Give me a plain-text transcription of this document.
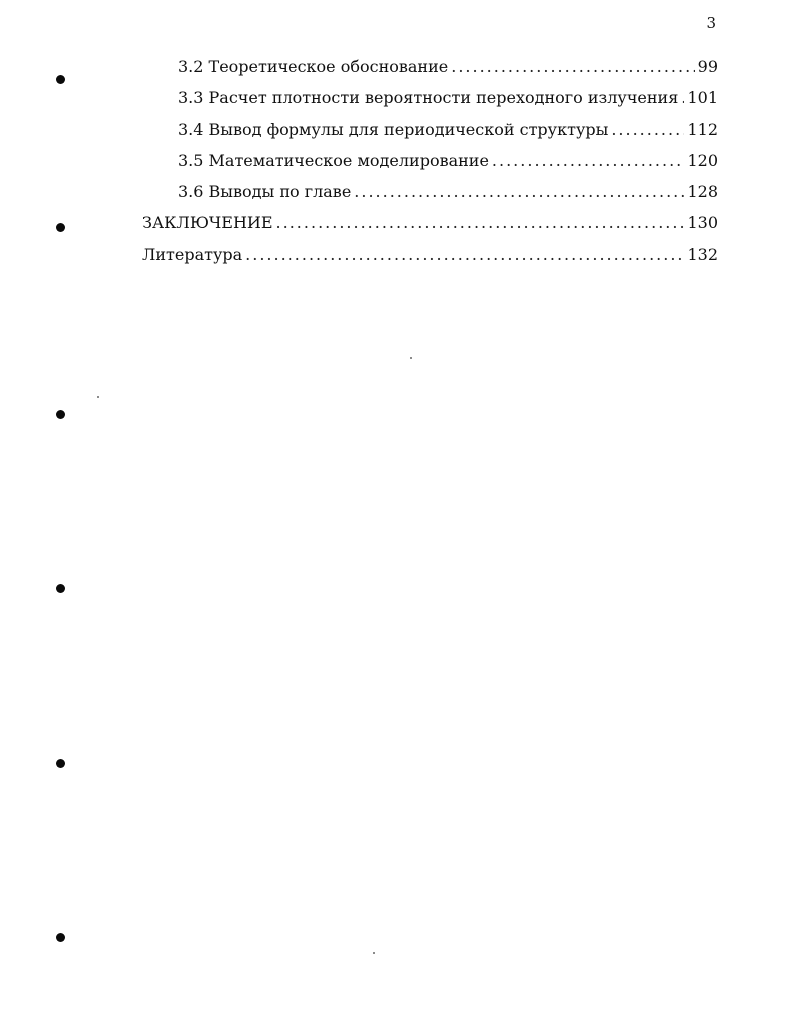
3
3.2 Теоретическое обоснование .....	99
3.3 Расчет плотности вероятности переходного излучения ..... 101
3.4 Вывод формулы для периодической структуры .....	112
3.5 Математическое моделирование .....	120
3.6 Выводы по главе .....	128
ЗАКЛЮЧЕНИЕ .....	130
Литература .....	132
